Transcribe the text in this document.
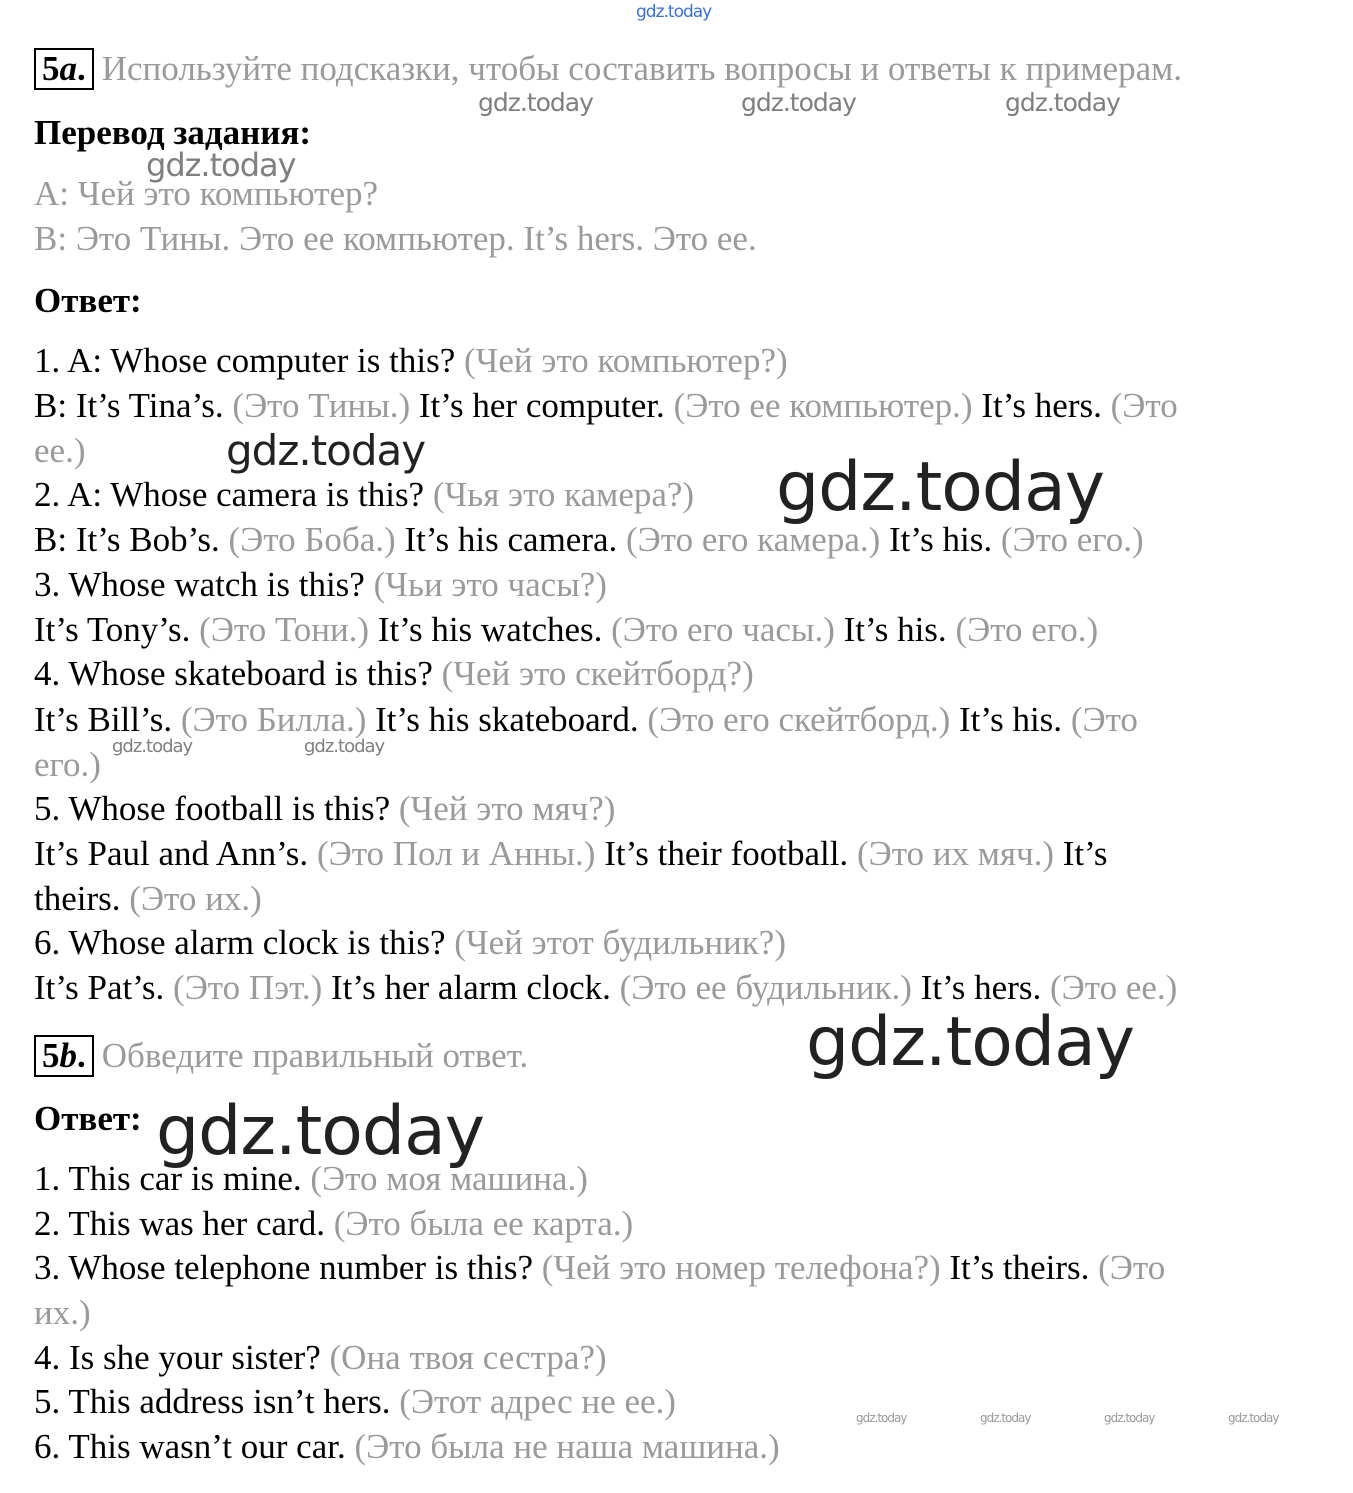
gdz.today
gdz.today	gdz.today	gdz.today
gdz.today
gdz.today	gdz.today
gdz.today	gdz.today
gdz.today
gdz.today
gdz.today	gdz.today	gdz.today	gdz.today
5a. Используйте подсказки, чтобы составить вопросы и ответы к примерам.
Перевод задания:
А: Чей это компьютер?
В: Это Тины. Это ее компьютер. It’s hers. Это ее.
Ответ:
1. A: Whose computer is this? (Чей это компьютер?)
B: It’s Tina’s. (Это Тины.) It’s her computer. (Это ее компьютер.) It’s hers. (Это
ее.)
2. A: Whose camera is this? (Чья это камера?)
B: It’s Bob’s. (Это Боба.) It’s his camera. (Это его камера.) It’s his. (Это его.)
3. Whose watch is this? (Чьи это часы?)
It’s Tony’s. (Это Тони.) It’s his watches. (Это его часы.) It’s his. (Это его.)
4. Whose skateboard is this? (Чей это скейтборд?)
It’s Bill’s. (Это Билла.) It’s his skateboard. (Это его скейтборд.) It’s his. (Это
его.)
5. Whose football is this? (Чей это мяч?)
It’s Paul and Ann’s. (Это Пол и Анны.) It’s their football. (Это их мяч.) It’s
theirs. (Это их.)
6. Whose alarm clock is this? (Чей этот будильник?)
It’s Pat’s. (Это Пэт.) It’s her alarm clock. (Это ее будильник.) It’s hers. (Это ее.)
5b. Обведите правильный ответ.
Ответ:
1. This car is mine. (Это моя машина.)
2. This was her card. (Это была ее карта.)
3. Whose telephone number is this? (Чей это номер телефона?) It’s theirs. (Это
их.)
4. Is she your sister? (Она твоя сестра?)
5. This address isn’t hers. (Этот адрес не ее.)
6. This wasn’t our car. (Это была не наша машина.)
